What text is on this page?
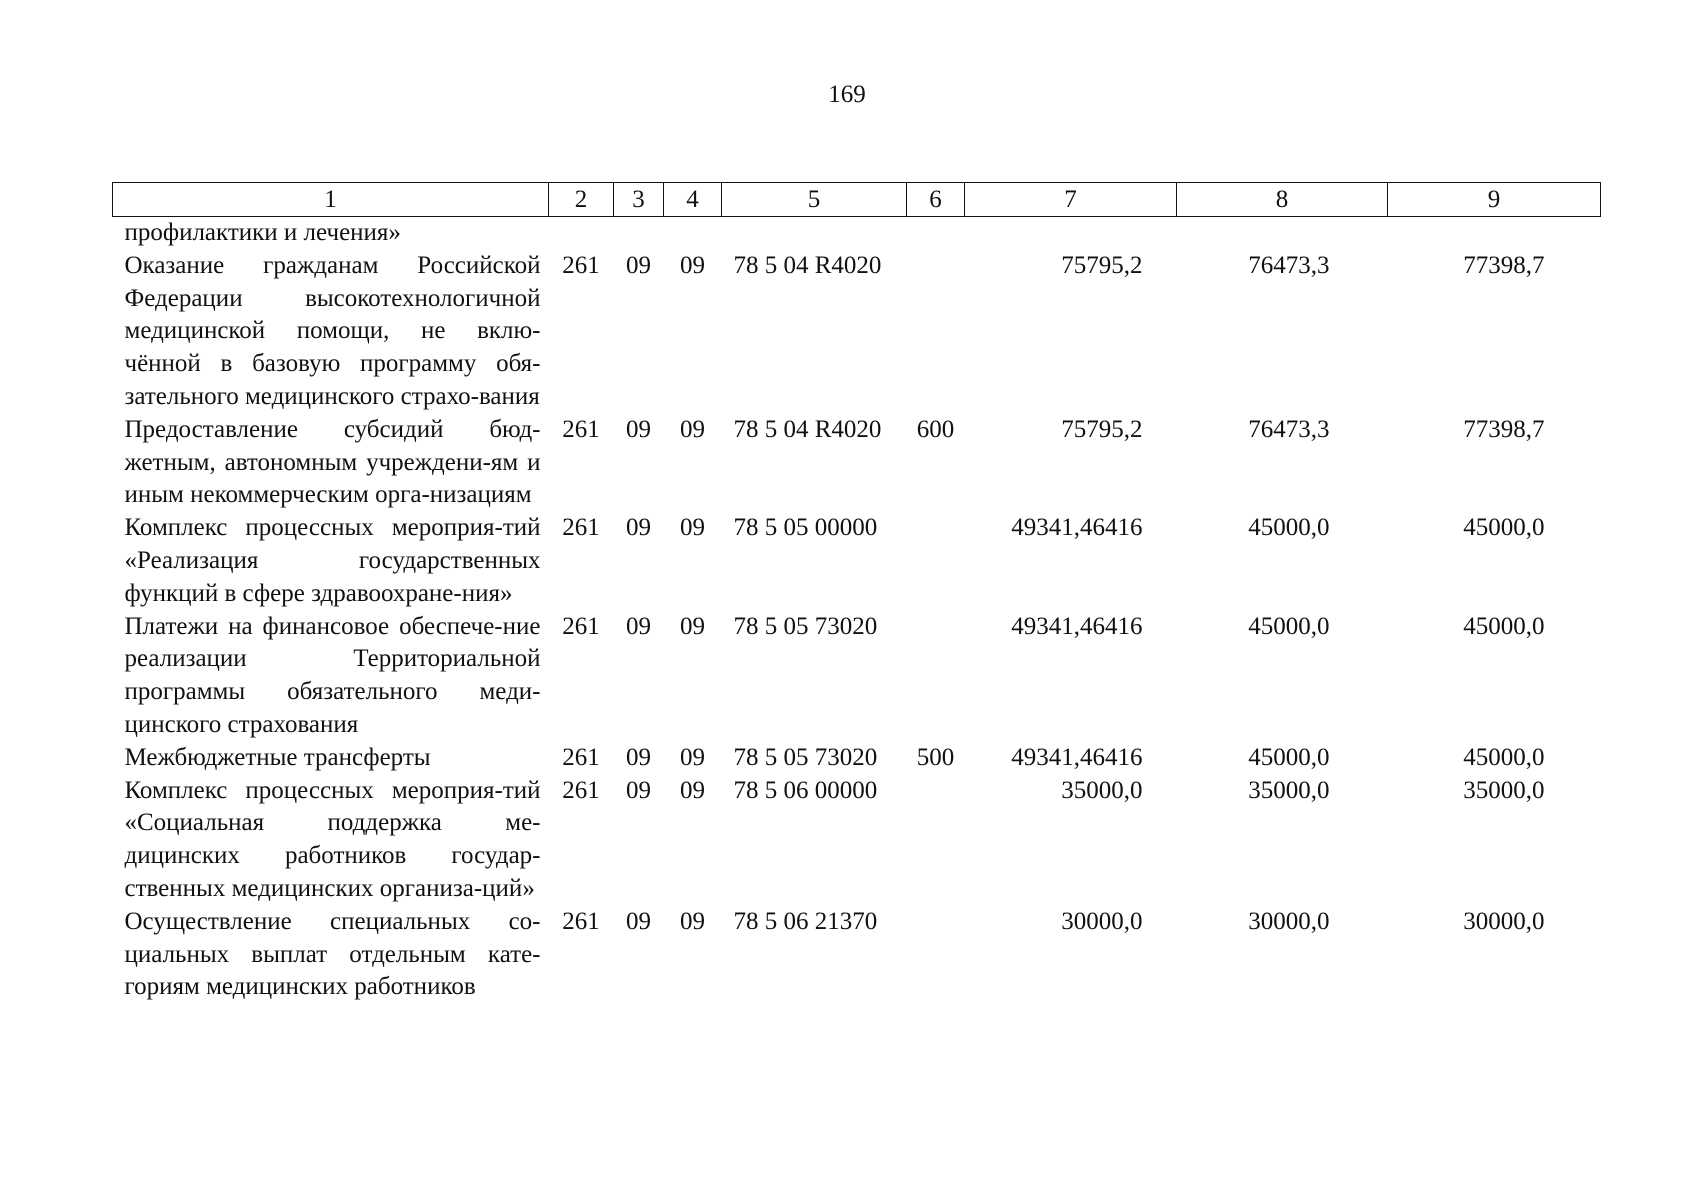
169
1	2	3	4	5	6	7	8	9
профилактики и лечения»								
Оказание гражданам Российской Федерации высокотехнологичной медицинской помощи, не вклю-чённой в базовую программу обя-зательного медицинского страхо-вания	261	09	09	78 5 04 R4020		75795,2	76473,3	77398,7
Предоставление субсидий бюд-жетным, автономным учреждени-ям и иным некоммерческим орга-низациям	261	09	09	78 5 04 R4020	600	75795,2	76473,3	77398,7
Комплекс процессных мероприя-тий «Реализация государственных функций в сфере здравоохране-ния»	261	09	09	78 5 05 00000		49341,46416	45000,0	45000,0
Платежи на финансовое обеспече-ние реализации Территориальной программы обязательного меди-цинского страхования	261	09	09	78 5 05 73020		49341,46416	45000,0	45000,0
Межбюджетные трансферты	261	09	09	78 5 05 73020	500	49341,46416	45000,0	45000,0
Комплекс процессных мероприя-тий «Социальная поддержка ме-дицинских работников государ-ственных медицинских организа-ций»	261	09	09	78 5 06 00000		35000,0	35000,0	35000,0
Осуществление специальных со-циальных выплат отдельным кате-гориям медицинских работников	261	09	09	78 5 06 21370		30000,0	30000,0	30000,0
